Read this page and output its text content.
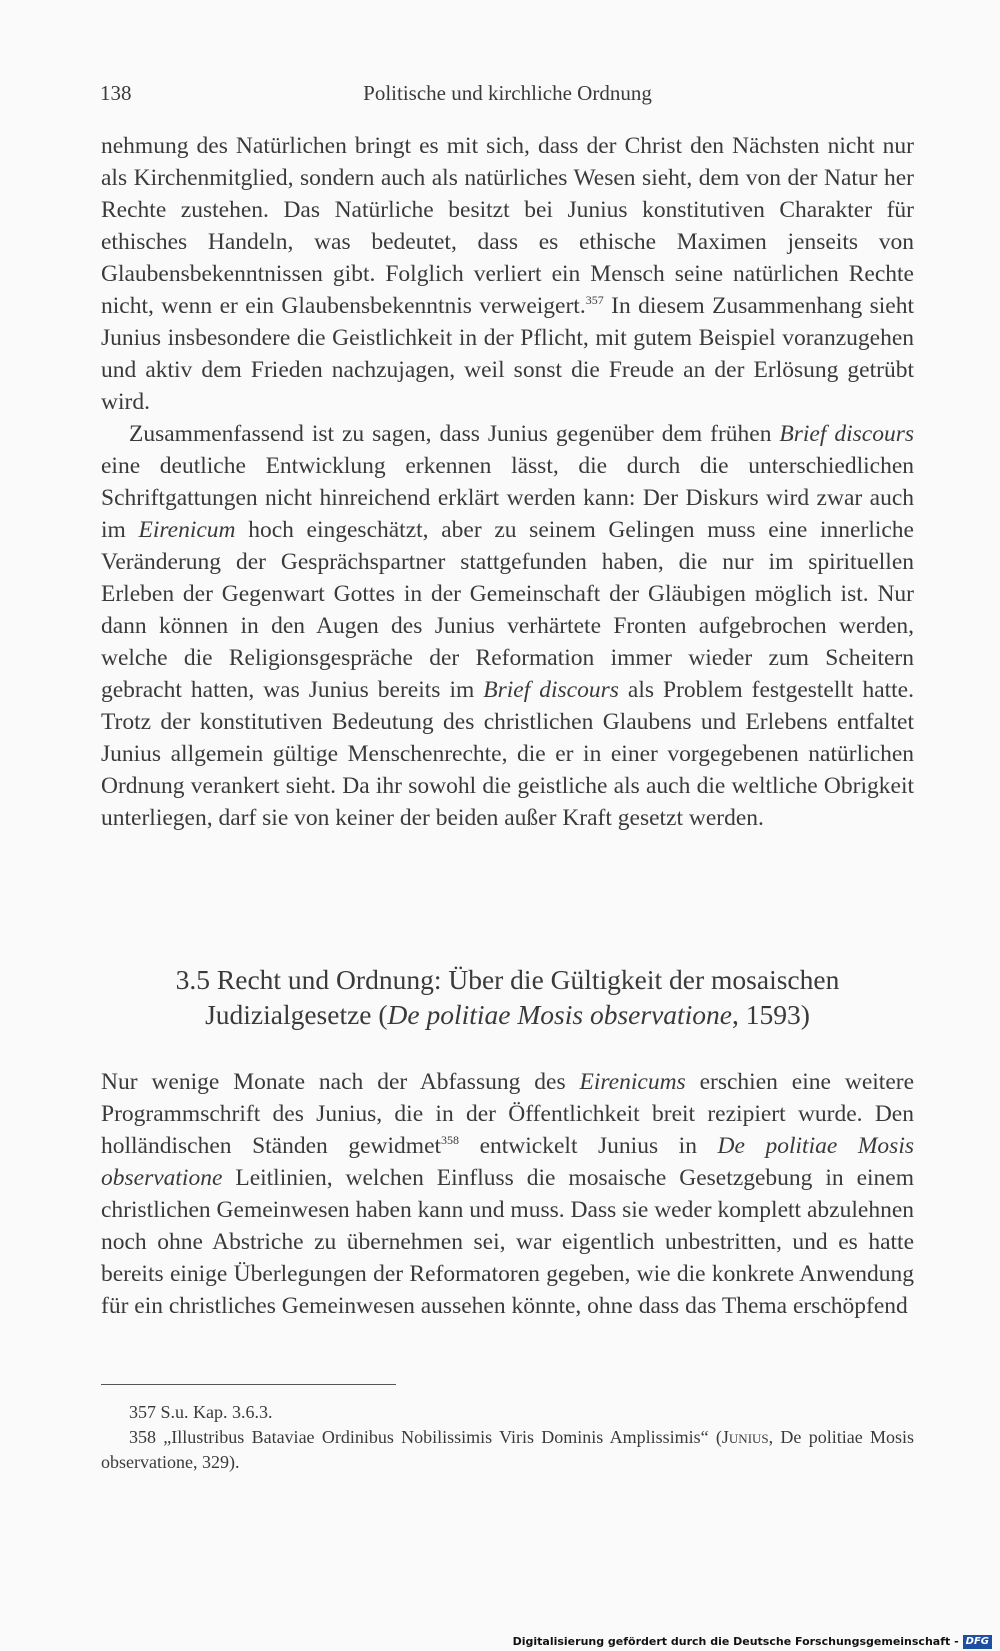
138	Politische und kirchliche Ordnung

nehmung des Natürlichen bringt es mit sich, dass der Christ den Nächsten nicht nur als Kirchenmitglied, sondern auch als natürliches Wesen sieht, dem von der Natur her Rechte zustehen. Das Natürliche besitzt bei Junius konstitutiven Charakter für ethisches Handeln, was bedeutet, dass es ethische Maximen jenseits von Glaubensbekenntnissen gibt. Folglich verliert ein Mensch seine natürlichen Rechte nicht, wenn er ein Glaubensbekenntnis verweigert.$^{357}$ In diesem Zusammenhang sieht Junius insbesondere die Geistlichkeit in der Pflicht, mit gutem Beispiel voranzugehen und aktiv dem Frieden nachzujagen, weil sonst die Freude an der Erlösung getrübt wird.

Zusammenfassend ist zu sagen, dass Junius gegenüber dem frühen Brief discours eine deutliche Entwicklung erkennen lässt, die durch die unterschiedlichen Schriftgattungen nicht hinreichend erklärt werden kann: Der Diskurs wird zwar auch im Eirenicum hoch eingeschätzt, aber zu seinem Gelingen muss eine innerliche Veränderung der Gesprächspartner stattgefunden haben, die nur im spirituellen Erleben der Gegenwart Gottes in der Gemeinschaft der Gläubigen möglich ist. Nur dann können in den Augen des Junius verhärtete Fronten aufgebrochen werden, welche die Religionsgespräche der Reformation immer wieder zum Scheitern gebracht hatten, was Junius bereits im Brief discours als Problem festgestellt hatte. Trotz der konstitutiven Bedeutung des christlichen Glaubens und Erlebens entfaltet Junius allgemein gültige Menschenrechte, die er in einer vorgegebenen natürlichen Ordnung verankert sieht. Da ihr sowohl die geistliche als auch die weltliche Obrigkeit unterliegen, darf sie von keiner der beiden außer Kraft gesetzt werden.

3.5 Recht und Ordnung: Über die Gültigkeit der mosaischen
Judizialgesetze (De politiae Mosis observatione, 1593)

Nur wenige Monate nach der Abfassung des Eirenicums erschien eine weitere Programmschrift des Junius, die in der Öffentlichkeit breit rezipiert wurde. Den holländischen Ständen gewidmet$^{358}$ entwickelt Junius in De politiae Mosis observatione Leitlinien, welchen Einfluss die mosaische Gesetzgebung in einem christlichen Gemeinwesen haben kann und muss. Dass sie weder komplett abzulehnen noch ohne Abstriche zu übernehmen sei, war eigentlich unbestritten, und es hatte bereits einige Überlegungen der Reformatoren gegeben, wie die konkrete Anwendung für ein christliches Gemeinwesen aussehen könnte, ohne dass das Thema erschöpfend

357 S.u. Kap. 3.6.3.

358 „Illustribus Bataviae Ordinibus Nobilissimis Viris Dominis Amplissimis“ (Junius, De politiae Mosis observatione, 329).

Digitalisierung gefördert durch die Deutsche Forschungsgemeinschaft - DFG
